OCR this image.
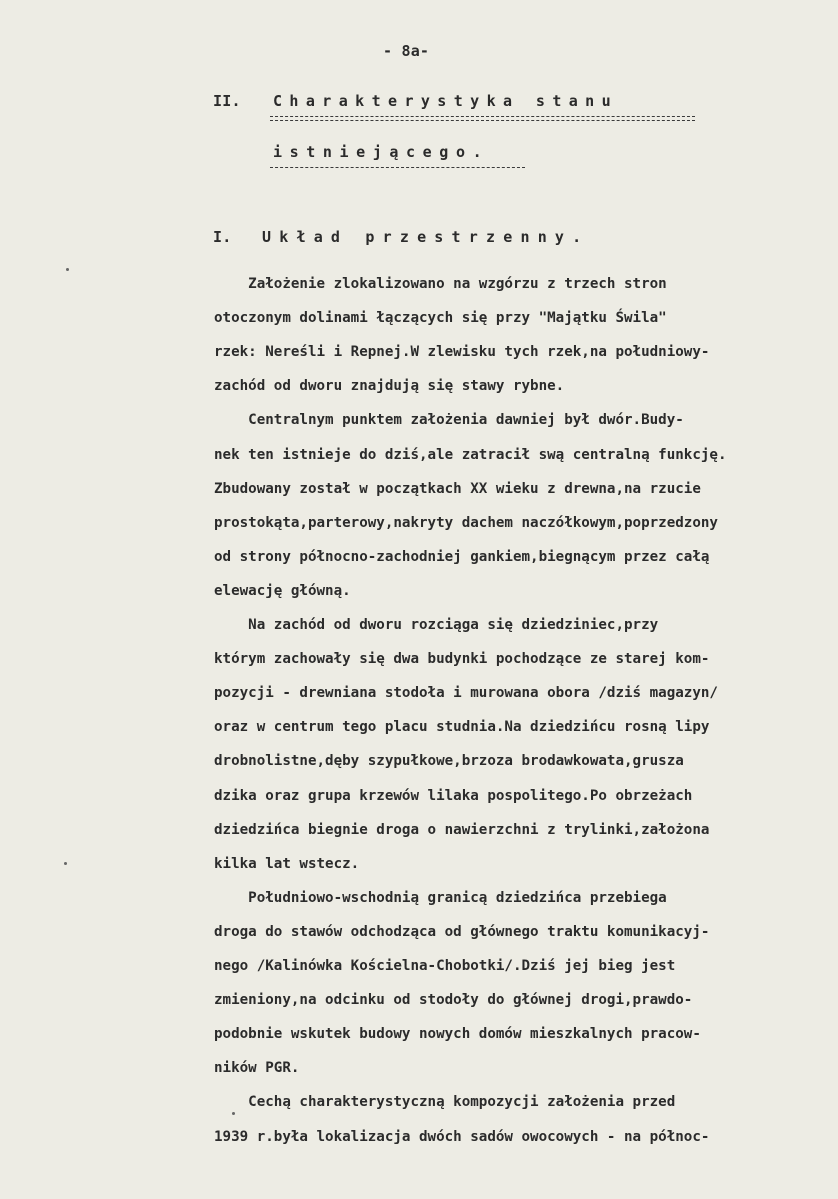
- 8a-
II. Charakterystyka stanu
istniejącego.
I. Układ przestrzenny.
Założenie zlokalizowano na wzgórzu z trzech stron
otoczonym dolinami łączących się przy "Majątku Świla"
rzek: Nereśli i Repnej.W zlewisku tych rzek,na południowy-
zachód od dworu znajdują się stawy rybne.
Centralnym punktem założenia dawniej był dwór.Budy-
nek ten istnieje do dziś,ale zatracił swą centralną funkcję.
Zbudowany został w początkach XX wieku z drewna,na rzucie
prostokąta,parterowy,nakryty dachem naczółkowym,poprzedzony
od strony północno-zachodniej gankiem,biegnącym przez całą
elewację główną.
Na zachód od dworu rozciąga się dziedziniec,przy
którym zachowały się dwa budynki pochodzące ze starej kom-
pozycji - drewniana stodoła i murowana obora /dziś magazyn/
oraz w centrum tego placu studnia.Na dziedzińcu rosną lipy
drobnolistne,dęby szypułkowe,brzoza brodawkowata,grusza
dzika oraz grupa krzewów lilaka pospolitego.Po obrzeżach
dziedzińca biegnie droga o nawierzchni z trylinki,założona
kilka lat wstecz.
Południowo-wschodnią granicą dziedzińca przebiega
droga do stawów odchodząca od głównego traktu komunikacyj-
nego /Kalinówka Kościelna-Chobotki/.Dziś jej bieg jest
zmieniony,na odcinku od stodoły do głównej drogi,prawdo-
podobnie wskutek budowy nowych domów mieszkalnych pracow-
ników PGR.
Cechą charakterystyczną kompozycji założenia przed
1939 r.była lokalizacja dwóch sadów owocowych - na północ-
